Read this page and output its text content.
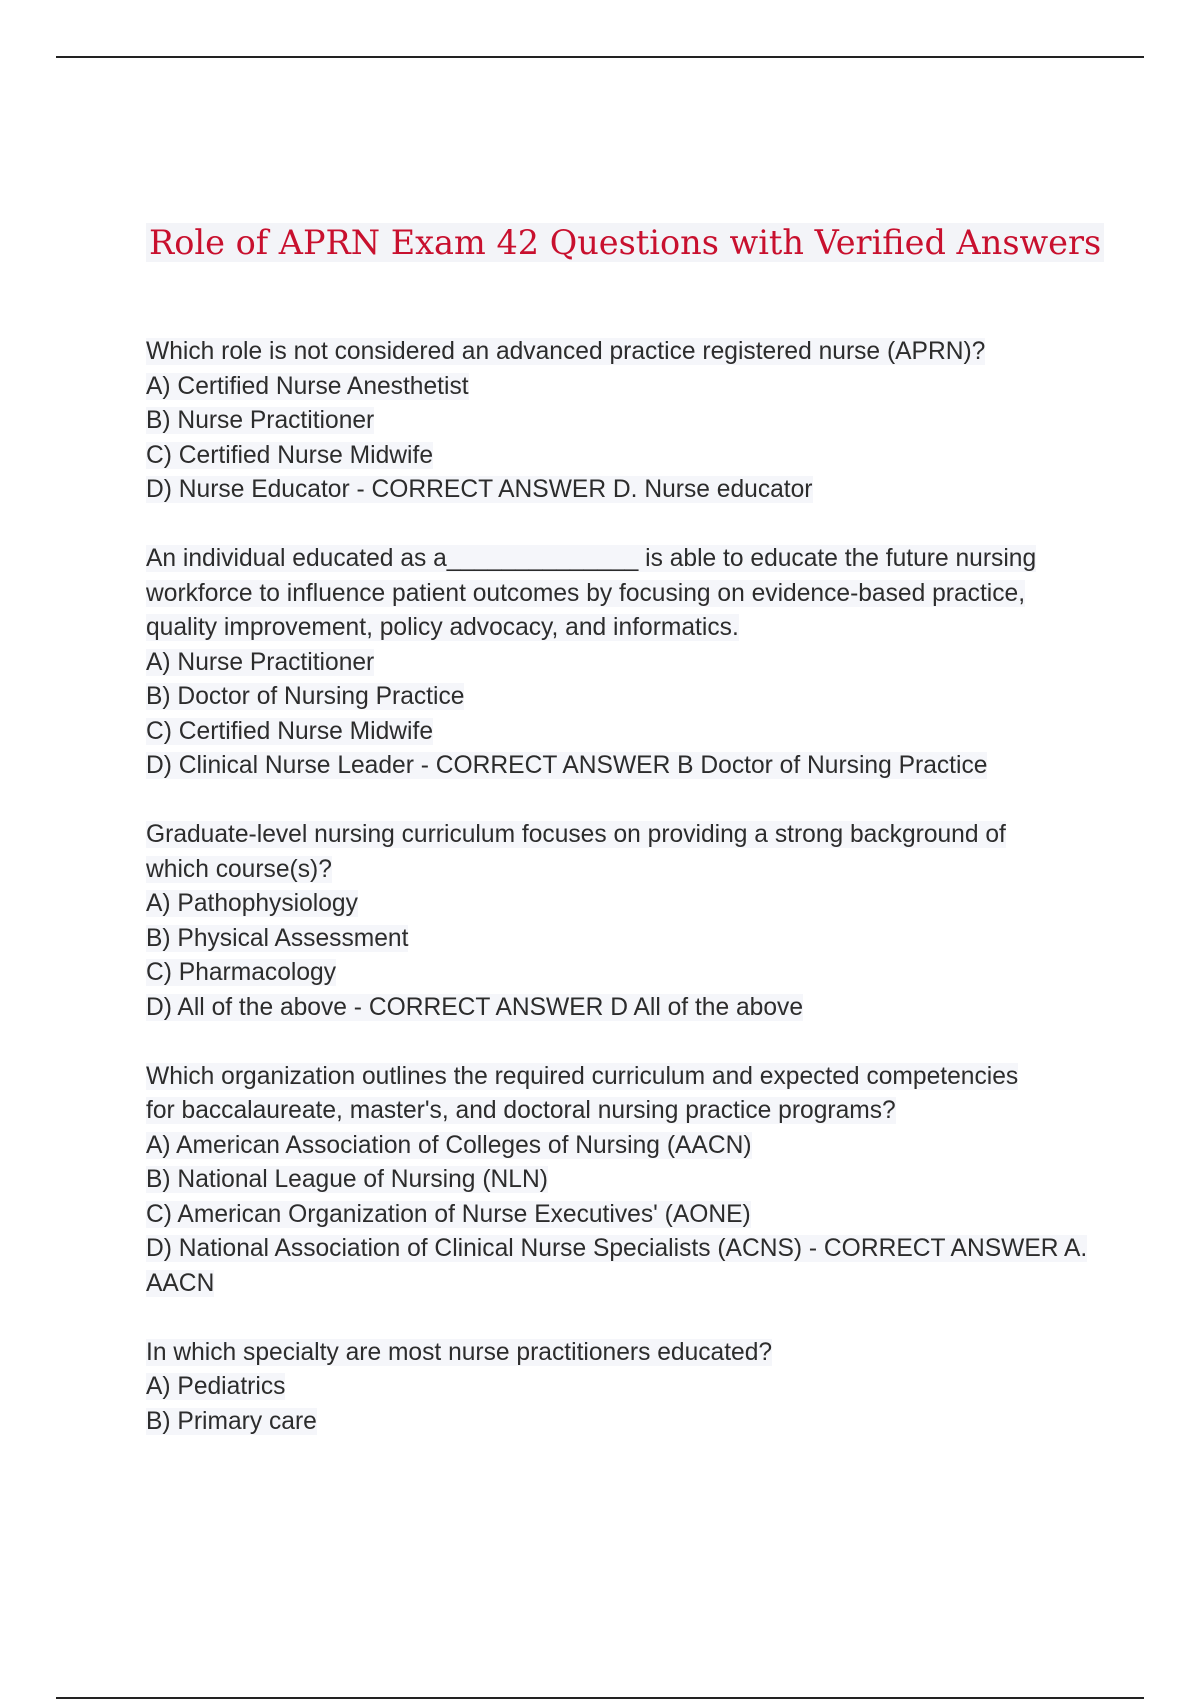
Role of APRN Exam 42 Questions with Verified Answers
Which role is not considered an advanced practice registered nurse (APRN)?
A) Certified Nurse Anesthetist
B) Nurse Practitioner
C) Certified Nurse Midwife
D) Nurse Educator - CORRECT ANSWER D. Nurse educator
An individual educated as a______________ is able to educate the future nursing
workforce to influence patient outcomes by focusing on evidence-based practice,
quality improvement, policy advocacy, and informatics.
A) Nurse Practitioner
B) Doctor of Nursing Practice
C) Certified Nurse Midwife
D) Clinical Nurse Leader - CORRECT ANSWER B Doctor of Nursing Practice
Graduate-level nursing curriculum focuses on providing a strong background of
which course(s)?
A) Pathophysiology
B) Physical Assessment
C) Pharmacology
D) All of the above - CORRECT ANSWER D All of the above
Which organization outlines the required curriculum and expected competencies
for baccalaureate, master's, and doctoral nursing practice programs?
A) American Association of Colleges of Nursing (AACN)
B) National League of Nursing (NLN)
C) American Organization of Nurse Executives' (AONE)
D) National Association of Clinical Nurse Specialists (ACNS) - CORRECT ANSWER A.
AACN
In which specialty are most nurse practitioners educated?
A) Pediatrics
B) Primary care
